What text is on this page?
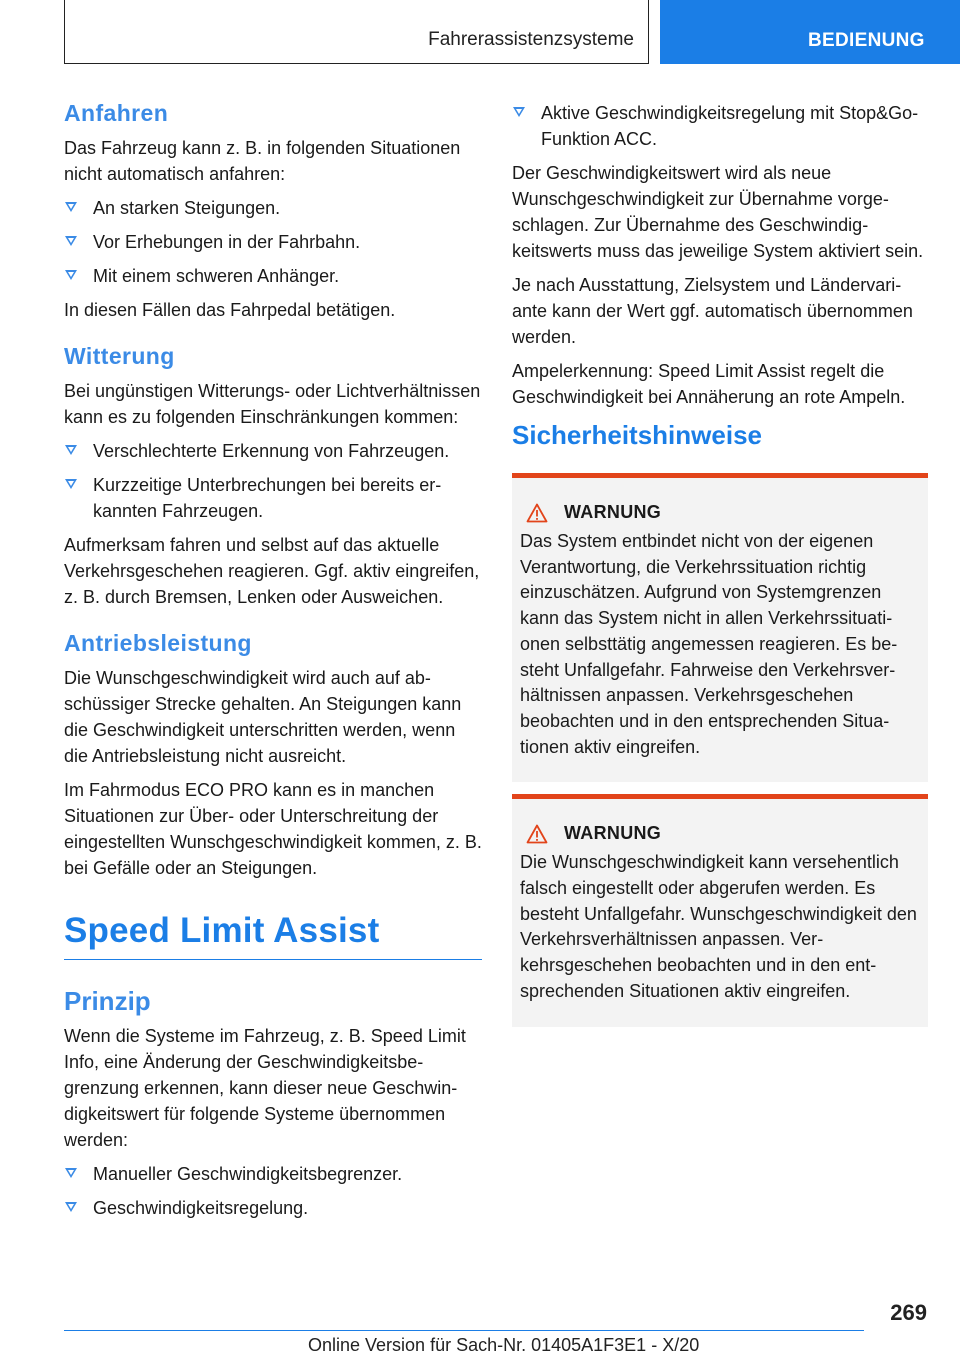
Fahrerassistenzsysteme	BEDIENUNG
Anfahren

Das Fahrzeug kann z. B. in folgenden Situationen nicht automatisch anfahren:

An starken Steigungen.
Vor Erhebungen in der Fahrbahn.
Mit einem schweren Anhänger.

In diesen Fällen das Fahrpedal betätigen.

Witterung

Bei ungünstigen Witterungs- oder Lichtverhältnissen kann es zu folgenden Einschränkungen kommen:

Verschlechterte Erkennung von Fahrzeugen.
Kurzzeitige Unterbrechungen bei bereits erkannten Fahrzeugen.

Aufmerksam fahren und selbst auf das aktuelle Verkehrsgeschehen reagieren. Ggf. aktiv eingreifen, z. B. durch Bremsen, Lenken oder Ausweichen.

Antriebsleistung

Die Wunschgeschwindigkeit wird auch auf abschüssiger Strecke gehalten. An Steigungen kann die Geschwindigkeit unterschritten werden, wenn die Antriebsleistung nicht ausreicht.

Im Fahrmodus ECO PRO kann es in manchen Situationen zur Über- oder Unterschreitung der eingestellten Wunschgeschwindigkeit kommen, z. B. bei Gefälle oder an Steigungen.

Speed Limit Assist
Prinzip

Wenn die Systeme im Fahrzeug, z. B. Speed Limit Info, eine Änderung der Geschwindigkeitsbegrenzung erkennen, kann dieser neue Geschwindigkeitswert für folgende Systeme übernommen werden:

Manueller Geschwindigkeitsbegrenzer.
Geschwindigkeitsregelung.
Aktive Geschwindigkeitsregelung mit Stop&Go-Funktion ACC.

Der Geschwindigkeitswert wird als neue Wunschgeschwindigkeit zur Übernahme vorgeschlagen. Zur Übernahme des Geschwindigkeitswerts muss das jeweilige System aktiviert sein.

Je nach Ausstattung, Zielsystem und Ländervariante kann der Wert ggf. automatisch übernommen werden.

Ampelerkennung: Speed Limit Assist regelt die Geschwindigkeit bei Annäherung an rote Ampeln.

Sicherheitshinweise
WARNUNG

Das System entbindet nicht von der eigenen Verantwortung, die Verkehrssituation richtig einzuschätzen. Aufgrund von Systemgrenzen kann das System nicht in allen Verkehrssituationen selbsttätig angemessen reagieren. Es besteht Unfallgefahr. Fahrweise den Verkehrsverhältnissen anpassen. Verkehrsgeschehen beobachten und in den entsprechenden Situationen aktiv eingreifen.

WARNUNG

Die Wunschgeschwindigkeit kann versehentlich falsch eingestellt oder abgerufen werden. Es besteht Unfallgefahr. Wunschgeschwindigkeit den Verkehrsverhältnissen anpassen. Verkehrsgeschehen beobachten und in den entsprechenden Situationen aktiv eingreifen.

269
Online Version für Sach-Nr. 01405A1F3E1 - X/20
